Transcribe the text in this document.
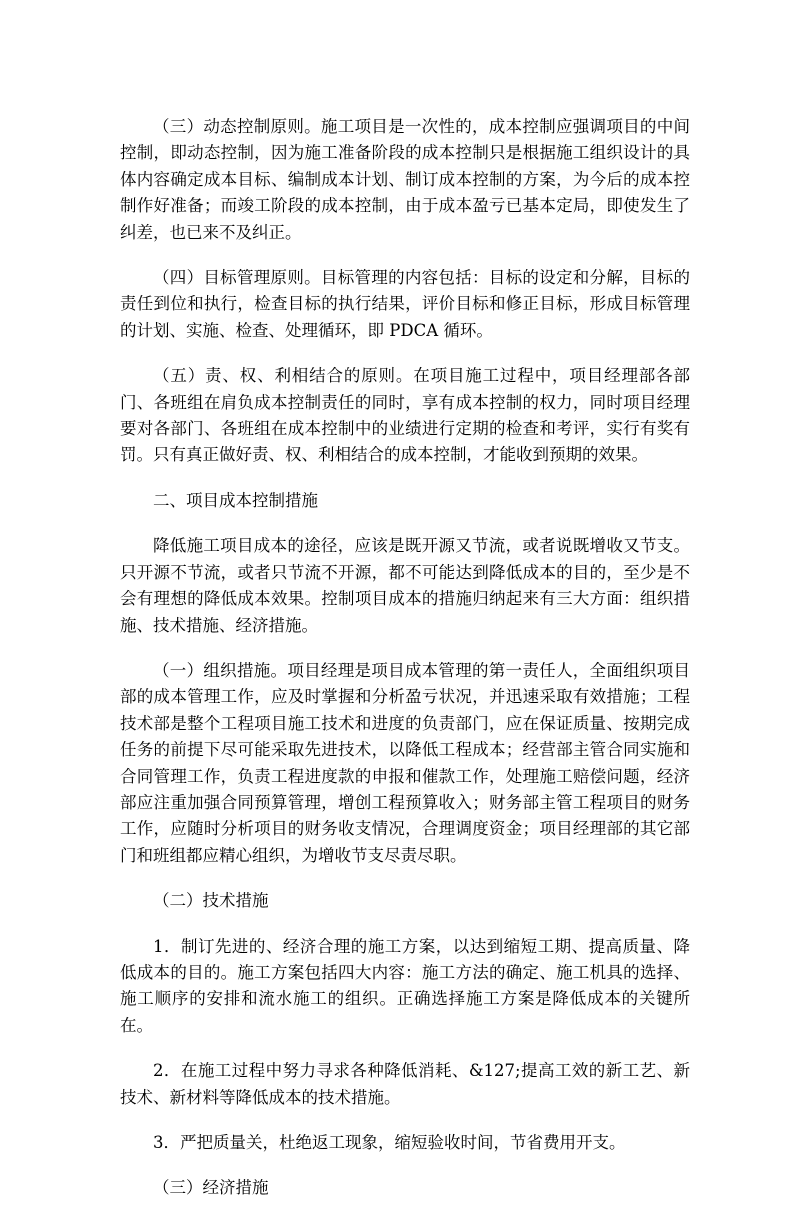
（三）动态控制原则。施工项目是一次性的，成本控制应强调项目的中间控制，即动态控制，因为施工准备阶段的成本控制只是根据施工组织设计的具体内容确定成本目标、编制成本计划、制订成本控制的方案，为今后的成本控制作好准备；而竣工阶段的成本控制，由于成本盈亏已基本定局，即使发生了纠差，也已来不及纠正。

（四）目标管理原则。目标管理的内容包括：目标的设定和分解，目标的责任到位和执行，检查目标的执行结果，评价目标和修正目标，形成目标管理的计划、实施、检查、处理循环，即 PDCA 循环。

（五）责、权、利相结合的原则。在项目施工过程中，项目经理部各部门、各班组在肩负成本控制责任的同时，享有成本控制的权力，同时项目经理要对各部门、各班组在成本控制中的业绩进行定期的检查和考评，实行有奖有罚。只有真正做好责、权、利相结合的成本控制，才能收到预期的效果。

二、项目成本控制措施

降低施工项目成本的途径，应该是既开源又节流，或者说既增收又节支。只开源不节流，或者只节流不开源，都不可能达到降低成本的目的，至少是不会有理想的降低成本效果。控制项目成本的措施归纳起来有三大方面：组织措施、技术措施、经济措施。

（一）组织措施。项目经理是项目成本管理的第一责任人，全面组织项目部的成本管理工作，应及时掌握和分析盈亏状况，并迅速采取有效措施；工程技术部是整个工程项目施工技术和进度的负责部门，应在保证质量、按期完成任务的前提下尽可能采取先进技术，以降低工程成本；经营部主管合同实施和合同管理工作，负责工程进度款的申报和催款工作，处理施工赔偿问题，经济部应注重加强合同预算管理，增创工程预算收入；财务部主管工程项目的财务工作，应随时分析项目的财务收支情况，合理调度资金；项目经理部的其它部门和班组都应精心组织，为增收节支尽责尽职。

（二）技术措施

1．制订先进的、经济合理的施工方案，以达到缩短工期、提高质量、降低成本的目的。施工方案包括四大内容：施工方法的确定、施工机具的选择、施工顺序的安排和流水施工的组织。正确选择施工方案是降低成本的关键所在。

2．在施工过程中努力寻求各种降低消耗、&127;提高工效的新工艺、新技术、新材料等降低成本的技术措施。

3．严把质量关，杜绝返工现象，缩短验收时间，节省费用开支。

（三）经济措施
